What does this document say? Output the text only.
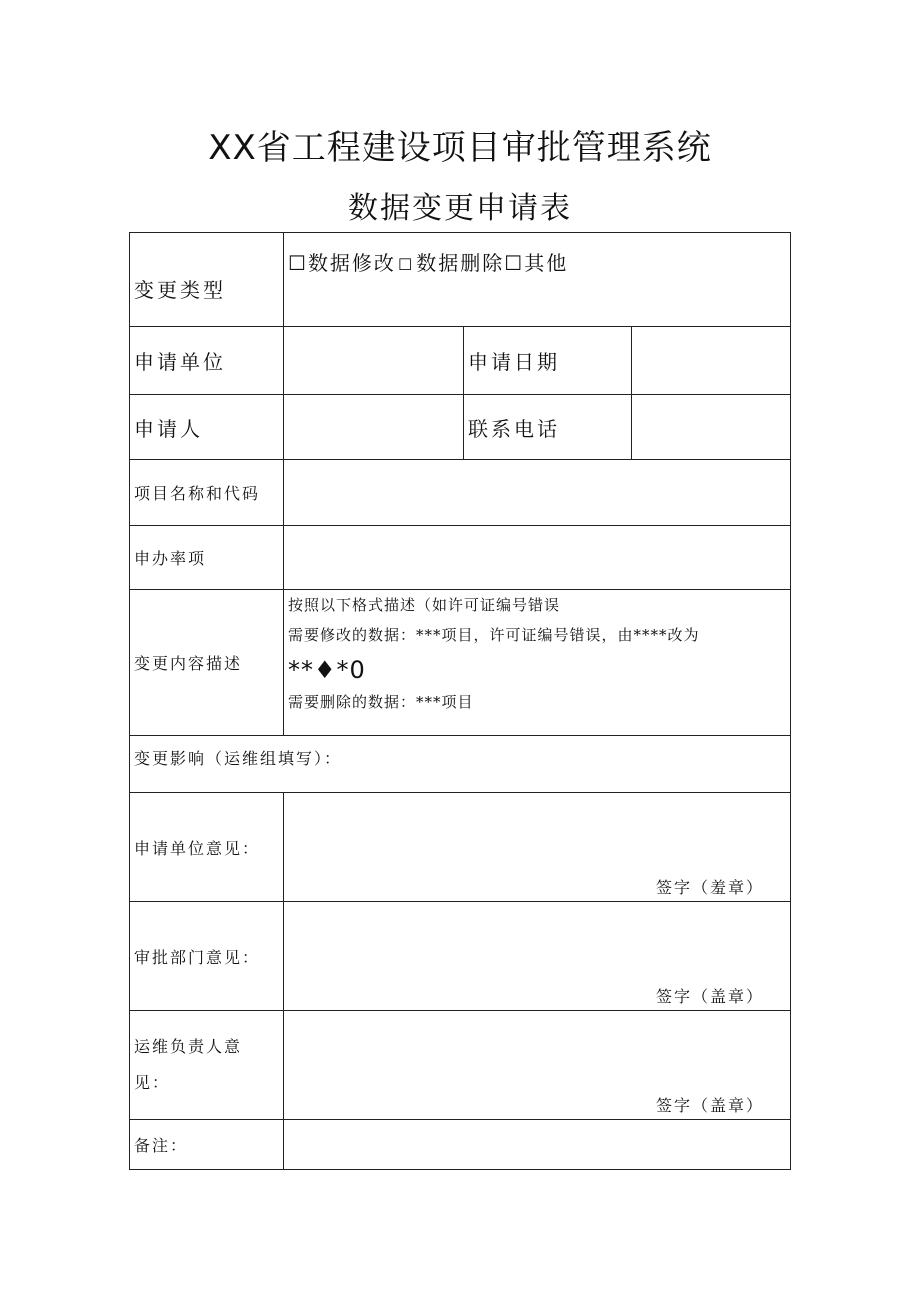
XX省工程建设项目审批管理系统
数据变更申请表
变更类型	☐数据修改 ☐ 数据删除☐其他		
申请单位		申请日期	
申请人		联系电话	
项目名称和代码			
申办率项			
变更内容描述	按照以下格式描述（如许可证编号错误
需要修改的数据：***项目，许可证编号错误，由****改为
**♦*0
需要删除的数据：***项目		

变更影响（运维组填写）：			
申请单位意见：	签字（羞章）		

审批部门意见：	签字（盖章）		

运维负责人意
见：	签字（盖章）		

备注：			
